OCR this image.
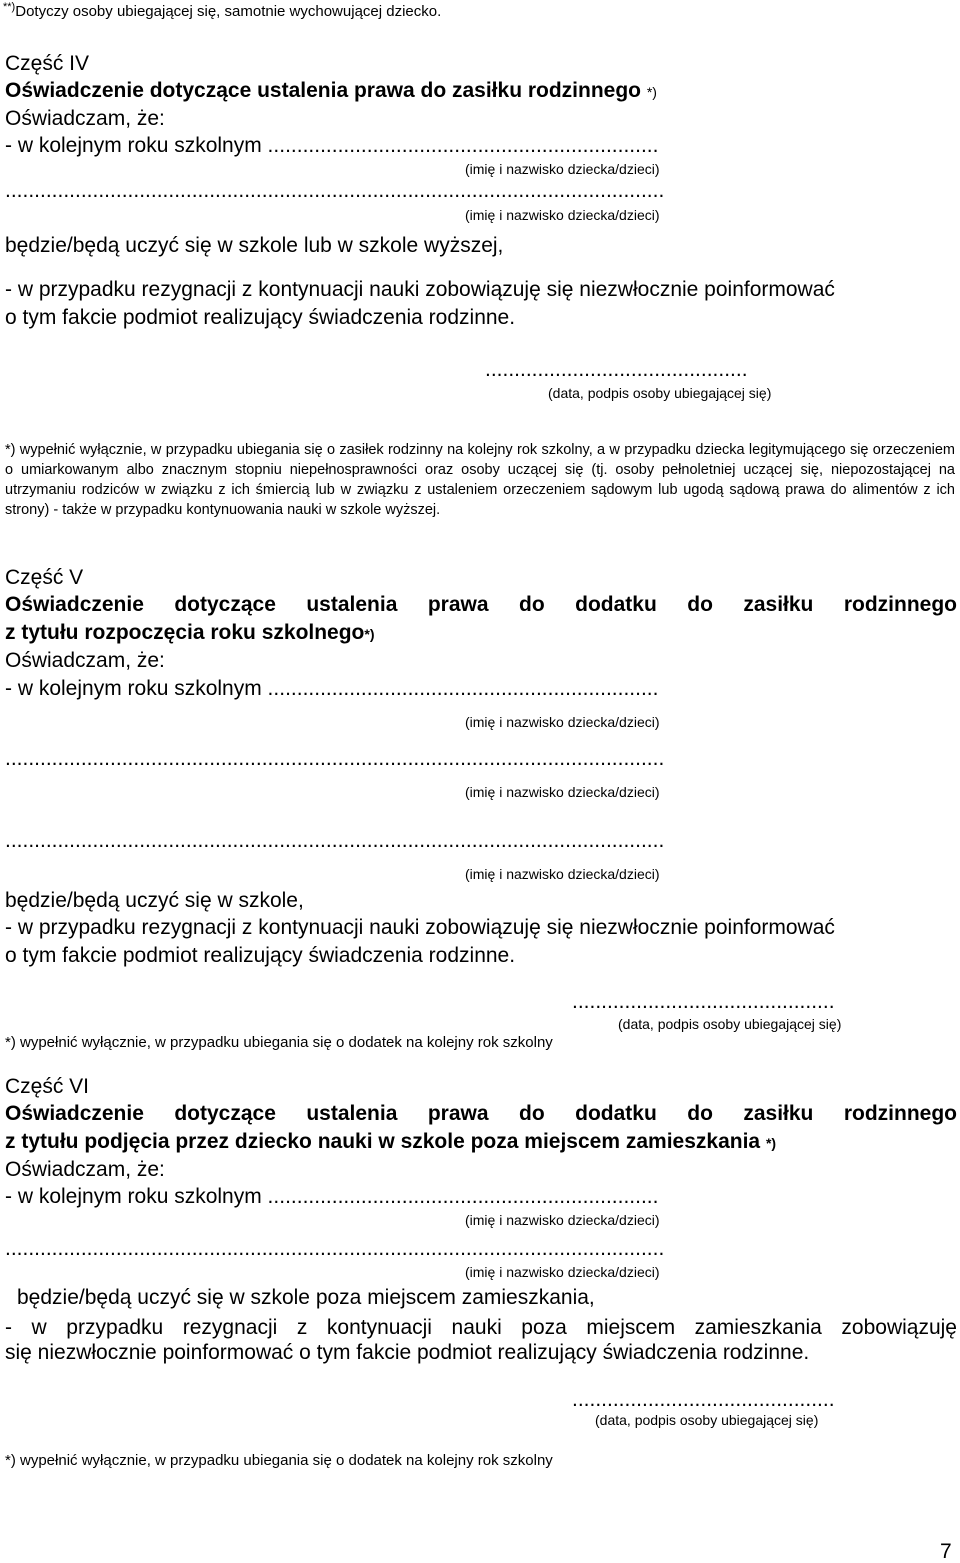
**)Dotyczy osoby ubiegającej się, samotnie wychowującej dziecko.
Część IV
Oświadczenie dotyczące ustalenia prawa do zasiłku rodzinnego *)
Oświadczam, że:
- w kolejnym roku szkolnym ...................................................................
(imię i nazwisko dziecka/dzieci)
.................................................................................................................
(imię i nazwisko dziecka/dzieci)
będzie/będą uczyć się w szkole lub w szkole wyższej,
- w przypadku rezygnacji z kontynuacji nauki zobowiązuję się niezwłocznie poinformować
o tym fakcie podmiot realizujący świadczenia rodzinne.
.............................................
(data, podpis osoby ubiegającej się)
*) wypełnić wyłącznie, w przypadku ubiegania się o zasiłek rodzinny na kolejny rok szkolny, a w przypadku dziecka legitymującego się orzeczeniem o umiarkowanym albo znacznym stopniu niepełnosprawności oraz osoby uczącej się (tj. osoby pełnoletniej uczącej się, niepozostającej na utrzymaniu rodziców w związku z ich śmiercią lub w związku z ustaleniem orzeczeniem sądowym lub ugodą sądową prawa do alimentów z ich strony) - także w przypadku kontynuowania nauki w szkole wyższej.
Część V
Oświadczenie dotyczące ustalenia prawa do dodatku do zasiłku rodzinnego
z tytułu rozpoczęcia roku szkolnego*)
Oświadczam, że:
- w kolejnym roku szkolnym ...................................................................
(imię i nazwisko dziecka/dzieci)
.................................................................................................................
(imię i nazwisko dziecka/dzieci)
.................................................................................................................
(imię i nazwisko dziecka/dzieci)
będzie/będą uczyć się w szkole,
- w przypadku rezygnacji z kontynuacji nauki zobowiązuję się niezwłocznie poinformować
o tym fakcie podmiot realizujący świadczenia rodzinne.
.............................................
(data, podpis osoby ubiegającej się)
*) wypełnić wyłącznie, w przypadku ubiegania się o dodatek na kolejny rok szkolny
Część VI
Oświadczenie dotyczące ustalenia prawa do dodatku do zasiłku rodzinnego
z tytułu podjęcia przez dziecko nauki w szkole poza miejscem zamieszkania *)
Oświadczam, że:
- w kolejnym roku szkolnym ...................................................................
(imię i nazwisko dziecka/dzieci)
.................................................................................................................
(imię i nazwisko dziecka/dzieci)
będzie/będą uczyć się w szkole poza miejscem zamieszkania,
- w przypadku rezygnacji z kontynuacji nauki poza miejscem zamieszkania zobowiązuję
się niezwłocznie poinformować o tym fakcie podmiot realizujący świadczenia rodzinne.
.............................................
(data, podpis osoby ubiegającej się)
*) wypełnić wyłącznie, w przypadku ubiegania się o dodatek na kolejny rok szkolny
7
